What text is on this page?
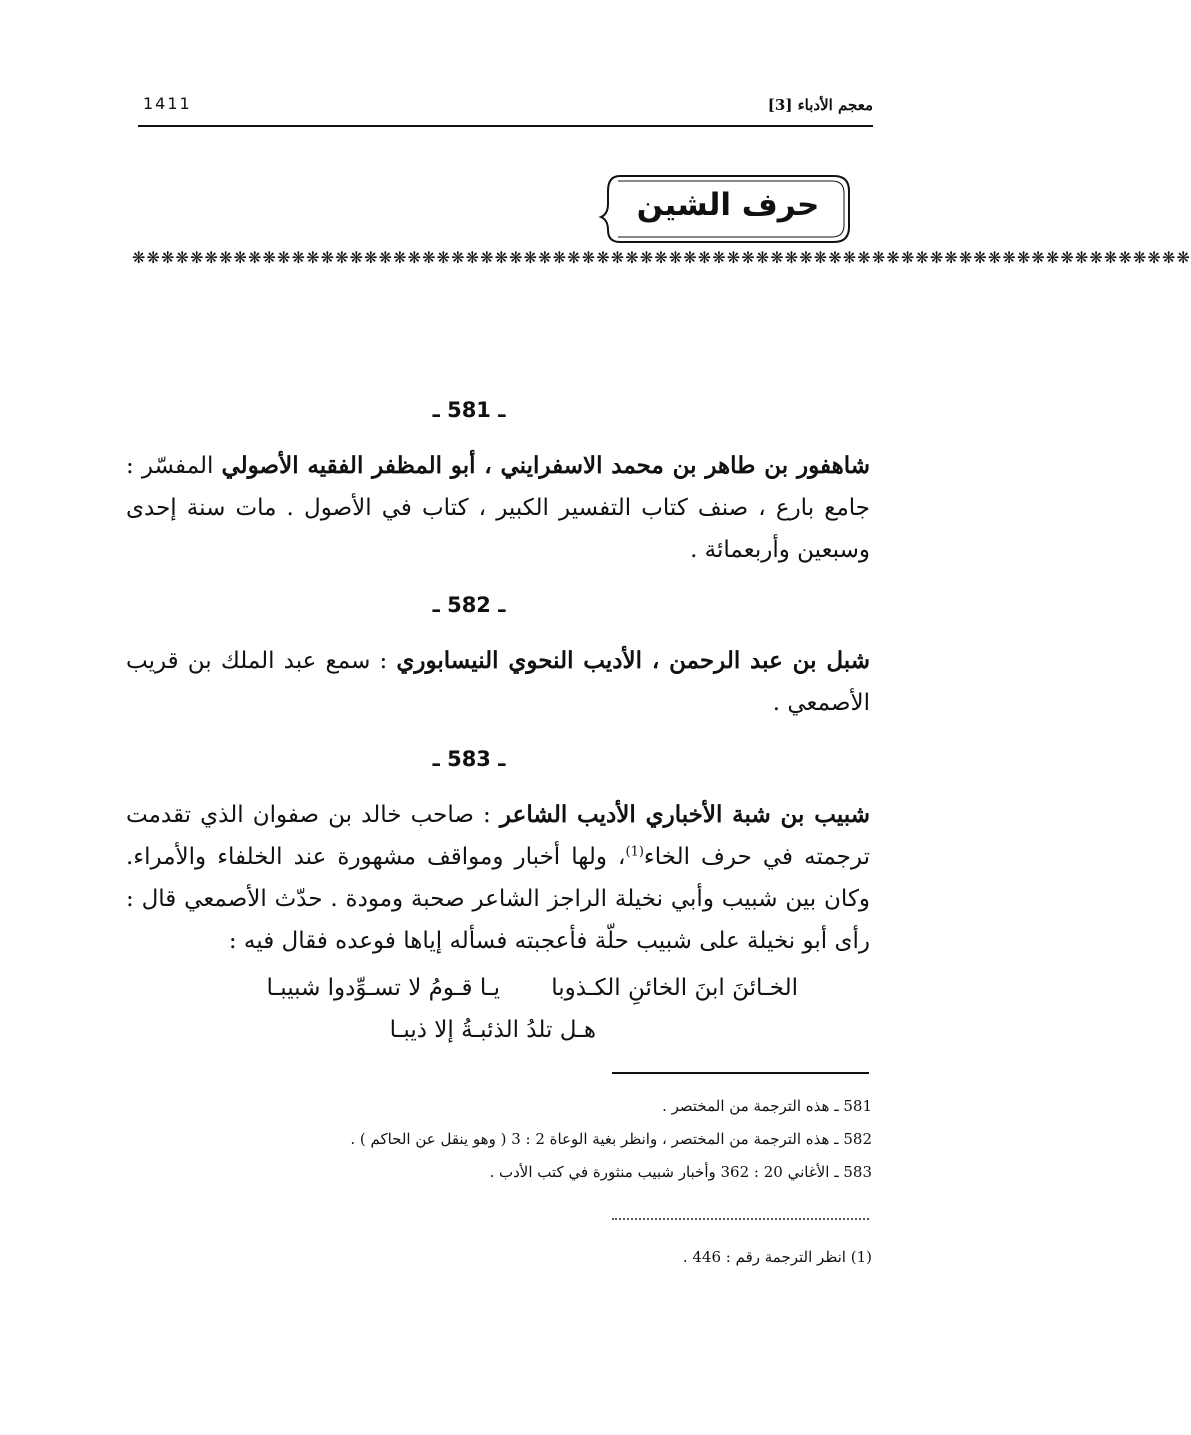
معجم الأدباء [3]
1411
حرف الشين
❋❋❋❋❋❋❋❋❋❋❋❋❋❋❋❋❋❋❋❋❋❋❋❋❋❋❋❋❋❋❋❋❋❋❋❋❋❋❋❋❋❋❋❋❋❋❋❋❋❋❋❋❋❋❋❋❋❋❋❋❋❋❋❋❋❋❋❋❋❋❋❋❋
ـ 581 ـ

شاهفور بن طاهر بن محمد الاسفرايني ، أبو المظفر الفقيه الأصولي المفسّر : جامع بارع ، صنف كتاب التفسير الكبير ، كتاب في الأصول . مات سنة إحدى وسبعين وأربعمائة .

ـ 582 ـ

شبل بن عبد الرحمن ، الأديب النحوي النيسابوري : سمع عبد الملك بن قريب الأصمعي .

ـ 583 ـ

شبيب بن شبة الأخباري الأديب الشاعر : صاحب خالد بن صفوان الذي تقدمت ترجمته في حرف الخاء$^{(1)}$، ولها أخبار ومواقف مشهورة عند الخلفاء والأمراء. وكان بين شبيب وأبي نخيلة الراجز الشاعر صحبة ومودة . حدّث الأصمعي قال : رأى أبو نخيلة على شبيب حلّة فأعجبته فسأله إياها فوعده فقال فيه :

يـا قـومُ لا تسـوِّدوا شبيبـا الخـائنَ ابنَ الخائنِ الكـذوبا
هـل تلدُ الذئبـةُ إلا ذيبـا
581 ـ هذه الترجمة من المختصر .
582 ـ هذه الترجمة من المختصر ، وانظر بغية الوعاة 2 : 3 ( وهو ينقل عن الحاكم ) .
583 ـ الأغاني 20 : 362 وأخبار شبيب منثورة في كتب الأدب .
(1) انظر الترجمة رقم : 446 .
